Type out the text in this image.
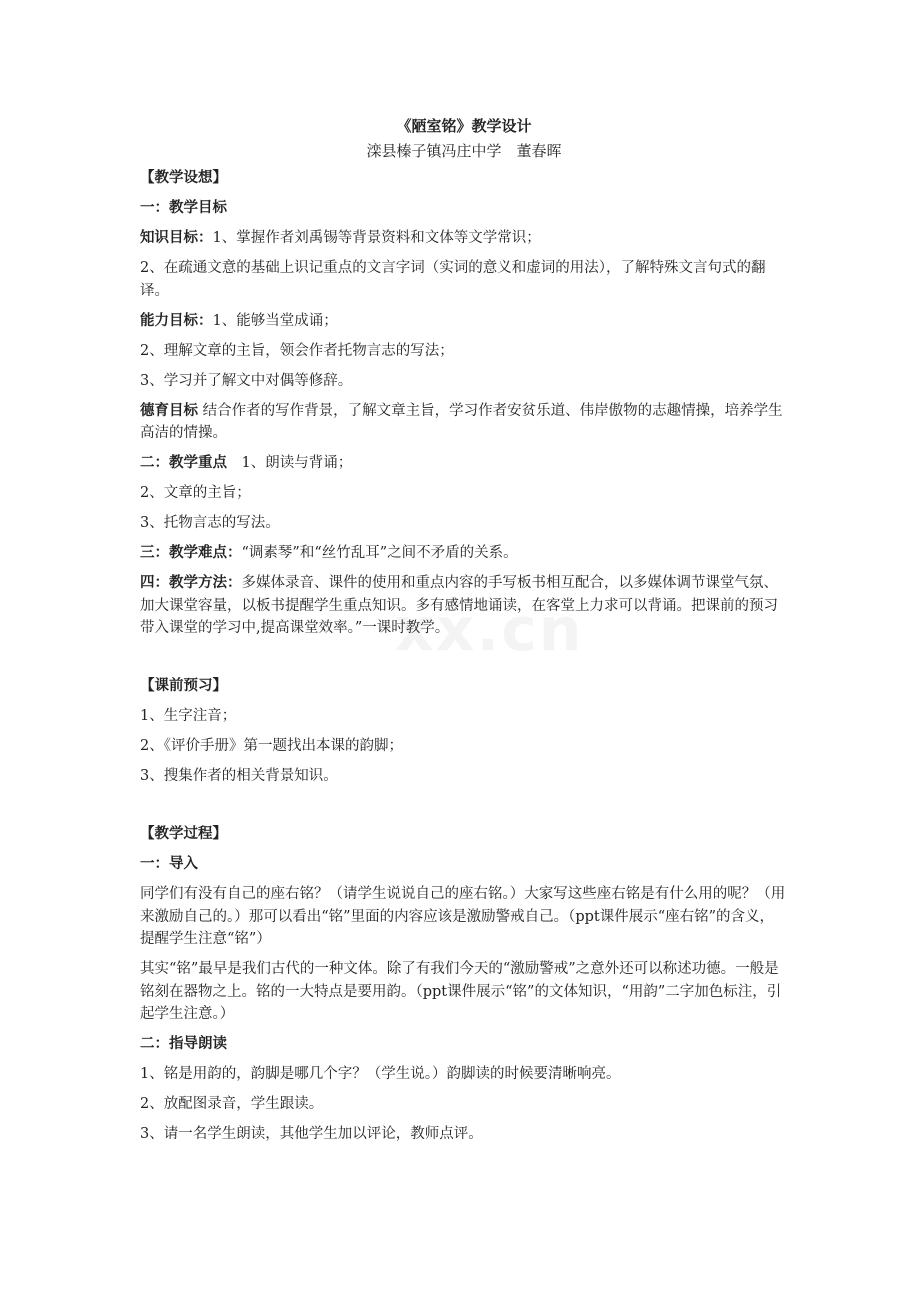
xx.cn

《陋室铭》教学设计

滦县榛子镇冯庄中学　董春晖

【教学设想】

一：教学目标

知识目标：1、掌握作者刘禹锡等背景资料和文体等文学常识；

2、在疏通文意的基础上识记重点的文言字词（实词的意义和虚词的用法），了解特殊文言句式的翻译。

能力目标：1、能够当堂成诵；

2、理解文章的主旨，领会作者托物言志的写法；

3、学习并了解文中对偶等修辞。

德育目标 结合作者的写作背景，了解文章主旨，学习作者安贫乐道、伟岸傲物的志趣情操，培养学生高洁的情操。

二：教学重点　1、朗读与背诵；

2、文章的主旨；

3、托物言志的写法。

三：教学难点：“调素琴”和“丝竹乱耳”之间不矛盾的关系。

四：教学方法：多媒体录音、课件的使用和重点内容的手写板书相互配合，以多媒体调节课堂气氛、加大课堂容量，以板书提醒学生重点知识。多有感情地诵读，在客堂上力求可以背诵。把课前的预习带入课堂的学习中,提高课堂效率。”一课时教学。

【课前预习】

1、生字注音；

2、《评价手册》第一题找出本课的韵脚；

3、搜集作者的相关背景知识。

【教学过程】

一：导入

同学们有没有自己的座右铭？（请学生说说自己的座右铭。）大家写这些座右铭是有什么用的呢？（用来激励自己的。）那可以看出“铭”里面的内容应该是激励警戒自己。（ppt课件展示“座右铭”的含义，提醒学生注意“铭”）

其实“铭”最早是我们古代的一种文体。除了有我们今天的“激励警戒”之意外还可以称述功德。一般是铭刻在器物之上。铭的一大特点是要用韵。（ppt课件展示“铭”的文体知识，“用韵”二字加色标注，引起学生注意。）

二：指导朗读

1、铭是用韵的，韵脚是哪几个字？（学生说。）韵脚读的时候要清晰响亮。

2、放配图录音，学生跟读。

3、请一名学生朗读，其他学生加以评论，教师点评。
